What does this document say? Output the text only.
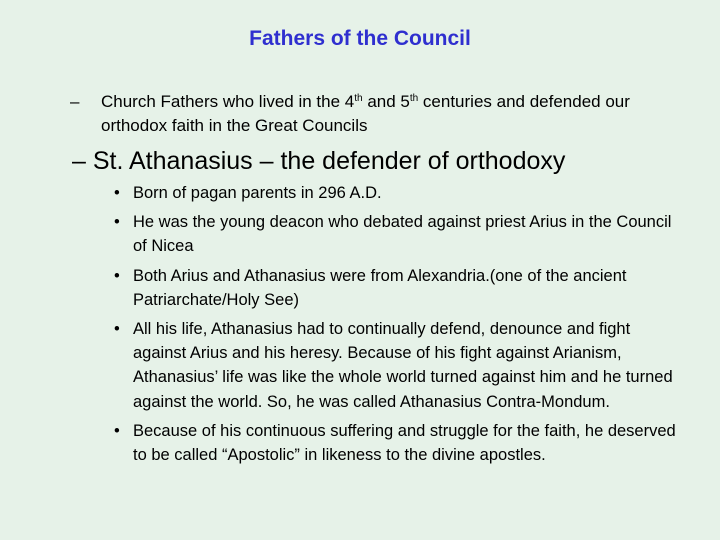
Fathers of the Council
–	Church Fathers who lived in the 4th and 5th centuries and defended our orthodox faith in the Great Councils
– St. Athanasius – the defender of orthodoxy
• Born of pagan parents in 296 A.D.
• He was the young deacon who debated against priest Arius in the Council of Nicea
• Both Arius and Athanasius were from Alexandria.(one of the ancient Patriarchate/Holy See)
• All his life, Athanasius had to continually defend, denounce and fight against Arius and his heresy. Because of his fight against Arianism, Athanasius’ life was like the whole world turned against him and he turned against the world. So, he was called Athanasius Contra-Mondum.
• Because of his continuous suffering and struggle for the faith, he deserved to be called “Apostolic” in likeness to the divine apostles.
